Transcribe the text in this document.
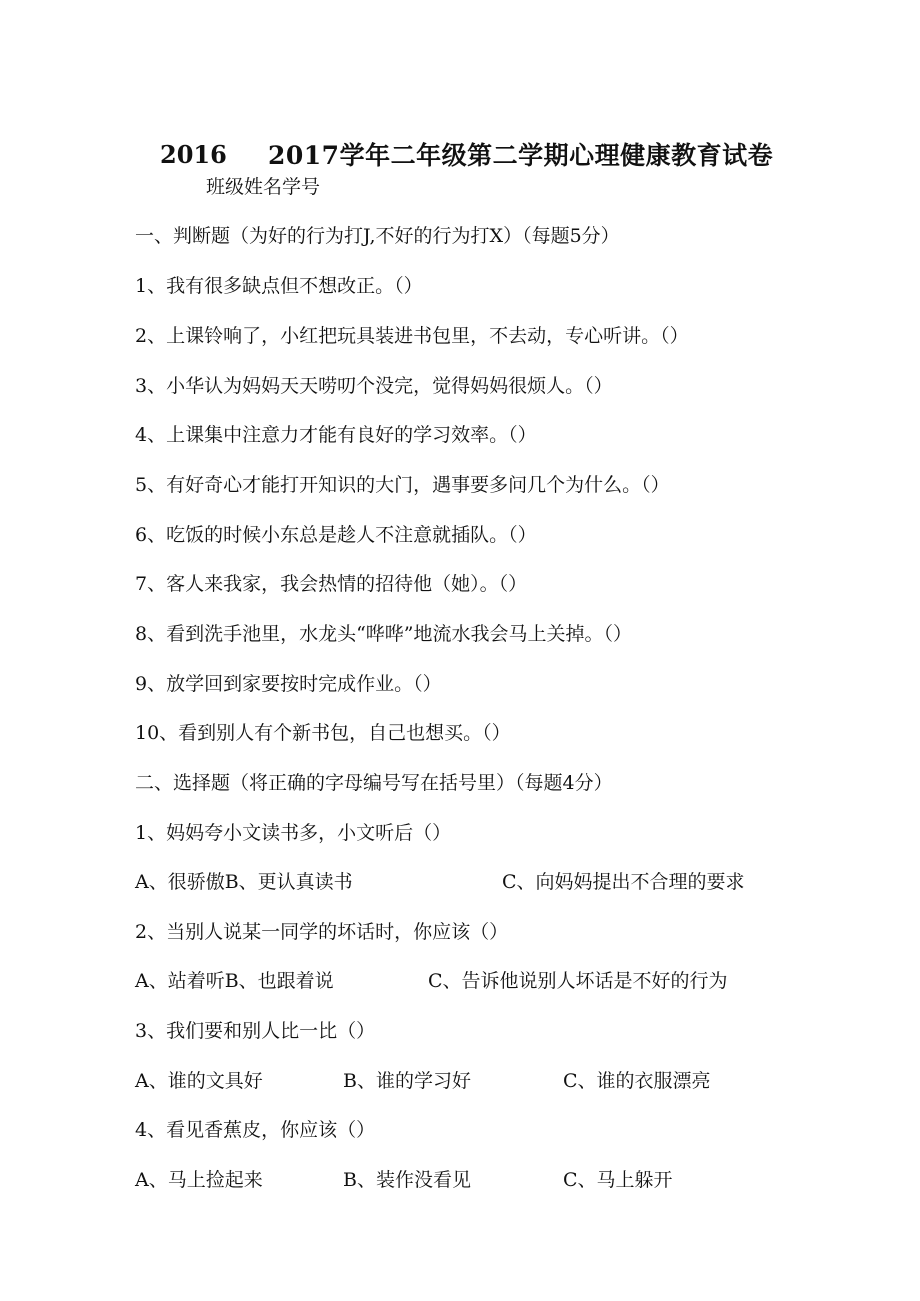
2016 2017学年二年级第二学期心理健康教育试卷
班级姓名学号
一、判断题（为好的行为打J,不好的行为打X）（每题5分）
1、我有很多缺点但不想改正。（）
2、上课铃响了，小红把玩具装进书包里，不去动，专心听讲。（）
3、小华认为妈妈天天唠叨个没完，觉得妈妈很烦人。（）
4、上课集中注意力才能有良好的学习效率。（）
5、有好奇心才能打开知识的大门，遇事要多问几个为什么。（）
6、吃饭的时候小东总是趁人不注意就插队。（）
7、客人来我家，我会热情的招待他（她）。（）
8、看到洗手池里，水龙头“哗哗”地流水我会马上关掉。（）
9、放学回到家要按时完成作业。（）
10、看到别人有个新书包，自己也想买。（）
二、选择题（将正确的字母编号写在括号里）（每题4分）
1、妈妈夸小文读书多，小文听后（）
A、很骄傲B、更认真读书	C、向妈妈提出不合理的要求
2、当别人说某一同学的坏话时，你应该（）
A、站着听B、也跟着说	C、告诉他说别人坏话是不好的行为
3、我们要和别人比一比（）
A、谁的文具好	B、谁的学习好	C、谁的衣服漂亮
4、看见香蕉皮，你应该（）
A、马上捡起来	B、装作没看见	C、马上躲开
